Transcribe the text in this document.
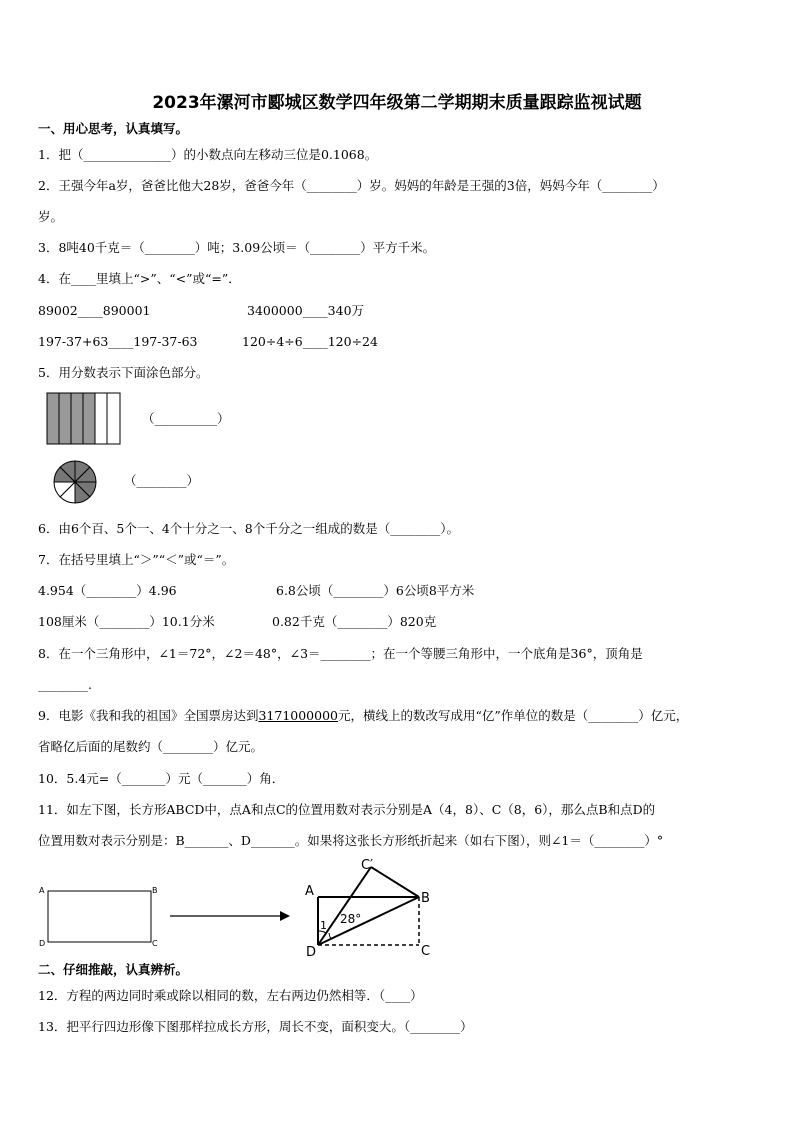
2023年漯河市郾城区数学四年级第二学期期末质量跟踪监视试题
一、用心思考，认真填写。
1．把（______________）的小数点向左移动三位是0.1068。
2．王强今年a岁，爸爸比他大28岁，爸爸今年（________）岁。妈妈的年龄是王强的3倍，妈妈今年（________）
岁。
3．8吨40千克＝（________）吨；3.09公顷＝（________）平方千米。
4．在____里填上“>”、“<”或“=”．
89002____890001	3400000____340万
197-37+63____197-37-63	120÷4÷6____120÷24
5．用分数表示下面涂色部分。
（__________）
（________）
6．由6个百、5个一、4个十分之一、8个千分之一组成的数是（________）。
7．在括号里填上“＞”“＜”或“＝”。
4.954（________）4.96	6.8公顷（________）6公顷8平方米
108厘米（________）10.1分米	0.82千克（________）820克
8．在一个三角形中，∠1＝72°，∠2＝48°，∠3＝________；在一个等腰三角形中，一个底角是36°，顶角是
________.
9．电影《我和我的祖国》全国票房达到3171000000元，横线上的数改写成用“亿”作单位的数是（________）亿元，
省略亿后面的尾数约（________）亿元。
10．5.4元=（_______）元（_______）角．
11．如左下图，长方形ABCD中，点A和点C的位置用数对表示分别是A（4，8）、C（8，6），那么点B和点D的
位置用数对表示分别是：B_______、D_______。如果将这张长方形纸折起来（如右下图），则∠1＝（________）°
A	B
D	C
A	B
C
D
C′
1 28°
二、仔细推敲，认真辨析。
12．方程的两边同时乘或除以相同的数，左右两边仍然相等．（____）
13．把平行四边形像下图那样拉成长方形，周长不变，面积变大。（________）
